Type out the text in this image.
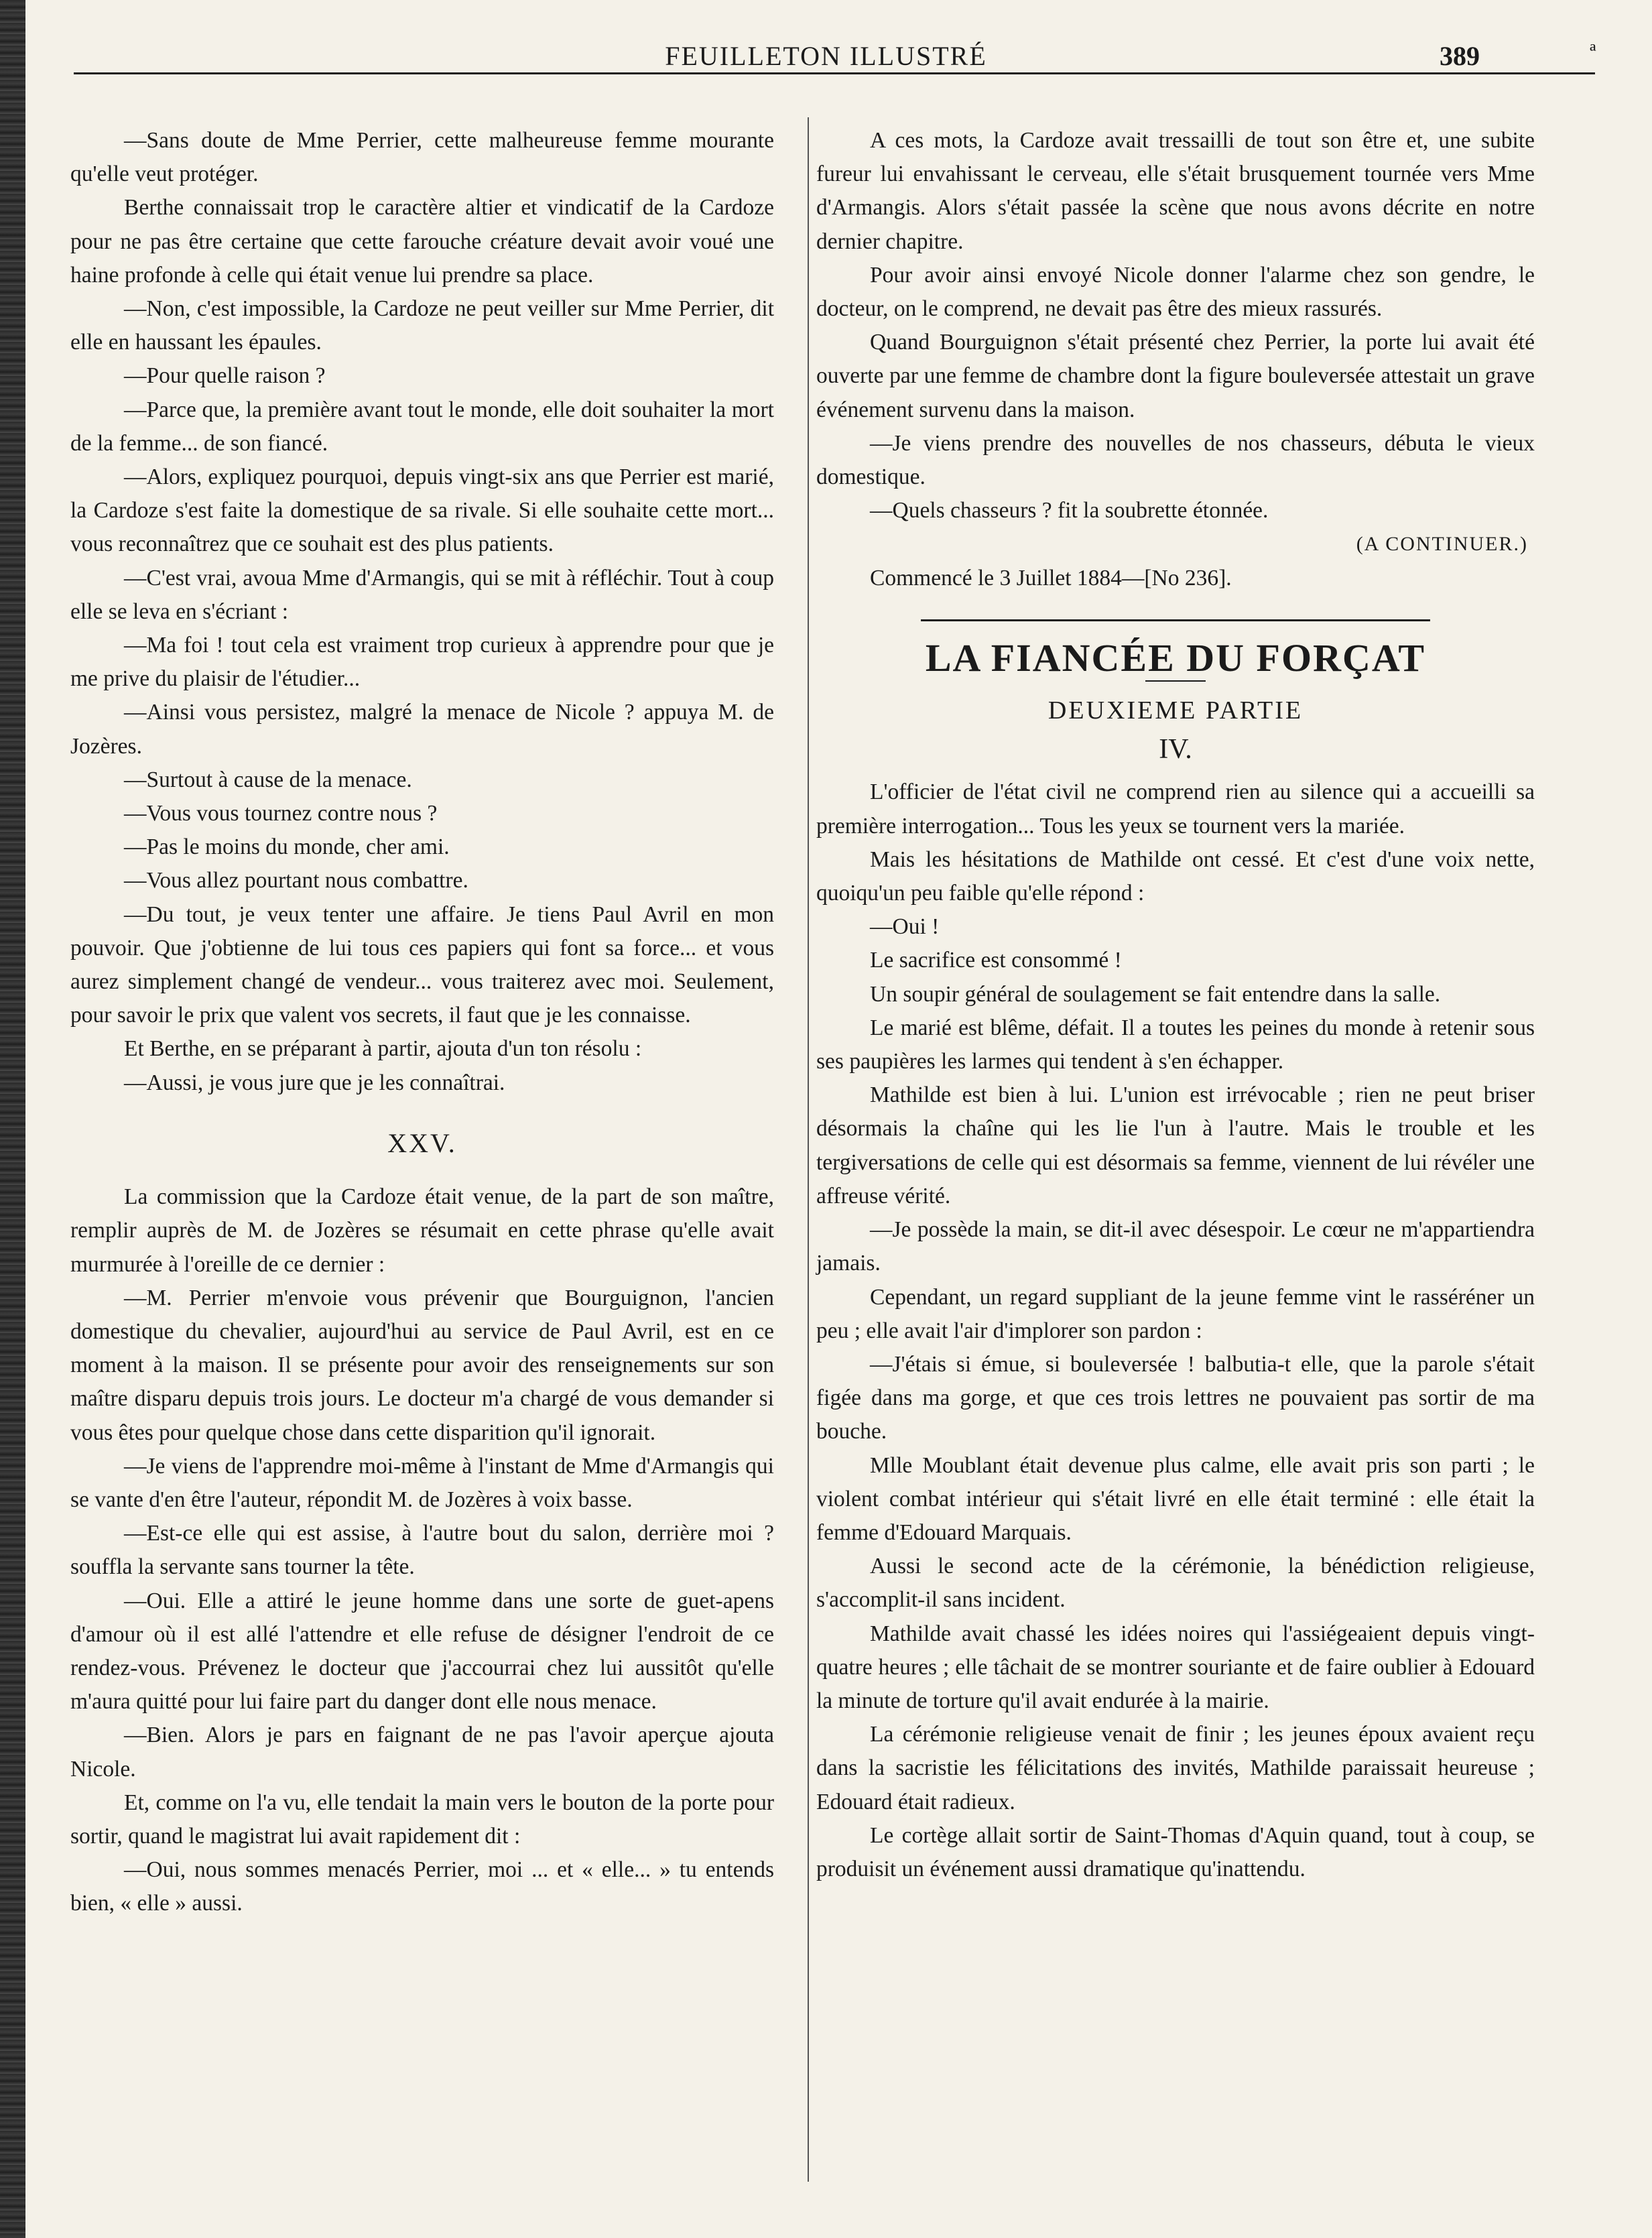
ª
FEUILLETON ILLUSTRÉ	389

—Sans doute de Mme Perrier, cette malheureuse femme mourante qu'elle veut protéger.

Berthe connaissait trop le caractère altier et vindicatif de la Cardoze pour ne pas être certaine que cette farouche créature devait avoir voué une haine profonde à celle qui était venue lui prendre sa place.

—Non, c'est impossible, la Cardoze ne peut veiller sur Mme Perrier, dit elle en haussant les épaules.

—Pour quelle raison ?

—Parce que, la première avant tout le monde, elle doit souhaiter la mort de la femme... de son fiancé.

—Alors, expliquez pourquoi, depuis vingt-six ans que Perrier est marié, la Cardoze s'est faite la domestique de sa rivale. Si elle souhaite cette mort... vous reconnaîtrez que ce souhait est des plus patients.

—C'est vrai, avoua Mme d'Armangis, qui se mit à réfléchir. Tout à coup elle se leva en s'écriant :

—Ma foi ! tout cela est vraiment trop curieux à apprendre pour que je me prive du plaisir de l'étudier...

—Ainsi vous persistez, malgré la menace de Nicole ? appuya M. de Jozères.

—Surtout à cause de la menace.

—Vous vous tournez contre nous ?

—Pas le moins du monde, cher ami.

—Vous allez pourtant nous combattre.

—Du tout, je veux tenter une affaire. Je tiens Paul Avril en mon pouvoir. Que j'obtienne de lui tous ces papiers qui font sa force... et vous aurez simplement changé de vendeur... vous traiterez avec moi. Seulement, pour savoir le prix que valent vos secrets, il faut que je les connaisse.

Et Berthe, en se préparant à partir, ajouta d'un ton résolu :

—Aussi, je vous jure que je les connaîtrai.

XXV.

La commission que la Cardoze était venue, de la part de son maître, remplir auprès de M. de Jozères se résumait en cette phrase qu'elle avait murmurée à l'oreille de ce dernier :

—M. Perrier m'envoie vous prévenir que Bourguignon, l'ancien domestique du chevalier, aujourd'hui au service de Paul Avril, est en ce moment à la maison. Il se présente pour avoir des renseignements sur son maître disparu depuis trois jours. Le docteur m'a chargé de vous demander si vous êtes pour quelque chose dans cette disparition qu'il ignorait.

—Je viens de l'apprendre moi-même à l'instant de Mme d'Armangis qui se vante d'en être l'auteur, répondit M. de Jozères à voix basse.

—Est-ce elle qui est assise, à l'autre bout du salon, derrière moi ? souffla la servante sans tourner la tête.

—Oui. Elle a attiré le jeune homme dans une sorte de guet-apens d'amour où il est allé l'attendre et elle refuse de désigner l'endroit de ce rendez-vous. Prévenez le docteur que j'accourrai chez lui aussitôt qu'elle m'aura quitté pour lui faire part du danger dont elle nous menace.

—Bien. Alors je pars en faignant de ne pas l'avoir aperçue ajouta Nicole.

Et, comme on l'a vu, elle tendait la main vers le bouton de la porte pour sortir, quand le magistrat lui avait rapidement dit :

—Oui, nous sommes menacés Perrier, moi ... et « elle... » tu entends bien, « elle » aussi.

A ces mots, la Cardoze avait tressailli de tout son être et, une subite fureur lui envahissant le cerveau, elle s'était brusquement tournée vers Mme d'Armangis. Alors s'était passée la scène que nous avons décrite en notre dernier chapitre.

Pour avoir ainsi envoyé Nicole donner l'alarme chez son gendre, le docteur, on le comprend, ne devait pas être des mieux rassurés.

Quand Bourguignon s'était présenté chez Perrier, la porte lui avait été ouverte par une femme de chambre dont la figure bouleversée attestait un grave événement survenu dans la maison.

—Je viens prendre des nouvelles de nos chasseurs, débuta le vieux domestique.

—Quels chasseurs ? fit la soubrette étonnée.

(A CONTINUER.)

Commencé le 3 Juillet 1884—[No 236].

LA FIANCÉE DU FORÇAT
DEUXIEME PARTIE
IV.

L'officier de l'état civil ne comprend rien au silence qui a accueilli sa première interrogation... Tous les yeux se tournent vers la mariée.

Mais les hésitations de Mathilde ont cessé. Et c'est d'une voix nette, quoiqu'un peu faible qu'elle répond :

—Oui !

Le sacrifice est consommé !

Un soupir général de soulagement se fait entendre dans la salle.

Le marié est blême, défait. Il a toutes les peines du monde à retenir sous ses paupières les larmes qui tendent à s'en échapper.

Mathilde est bien à lui. L'union est irrévocable ; rien ne peut briser désormais la chaîne qui les lie l'un à l'autre. Mais le trouble et les tergiversations de celle qui est désormais sa femme, viennent de lui révéler une affreuse vérité.

—Je possède la main, se dit-il avec désespoir. Le cœur ne m'appartiendra jamais.

Cependant, un regard suppliant de la jeune femme vint le rasséréner un peu ; elle avait l'air d'implorer son pardon :

—J'étais si émue, si bouleversée ! balbutia-t elle, que la parole s'était figée dans ma gorge, et que ces trois lettres ne pouvaient pas sortir de ma bouche.

Mlle Moublant était devenue plus calme, elle avait pris son parti ; le violent combat intérieur qui s'était livré en elle était terminé : elle était la femme d'Edouard Marquais.

Aussi le second acte de la cérémonie, la bénédiction religieuse, s'accomplit-il sans incident.

Mathilde avait chassé les idées noires qui l'assiégeaient depuis vingt-quatre heures ; elle tâchait de se montrer souriante et de faire oublier à Edouard la minute de torture qu'il avait endurée à la mairie.

La cérémonie religieuse venait de finir ; les jeunes époux avaient reçu dans la sacristie les félicitations des invités, Mathilde paraissait heureuse ; Edouard était radieux.

Le cortège allait sortir de Saint-Thomas d'Aquin quand, tout à coup, se produisit un événement aussi dramatique qu'inattendu.
